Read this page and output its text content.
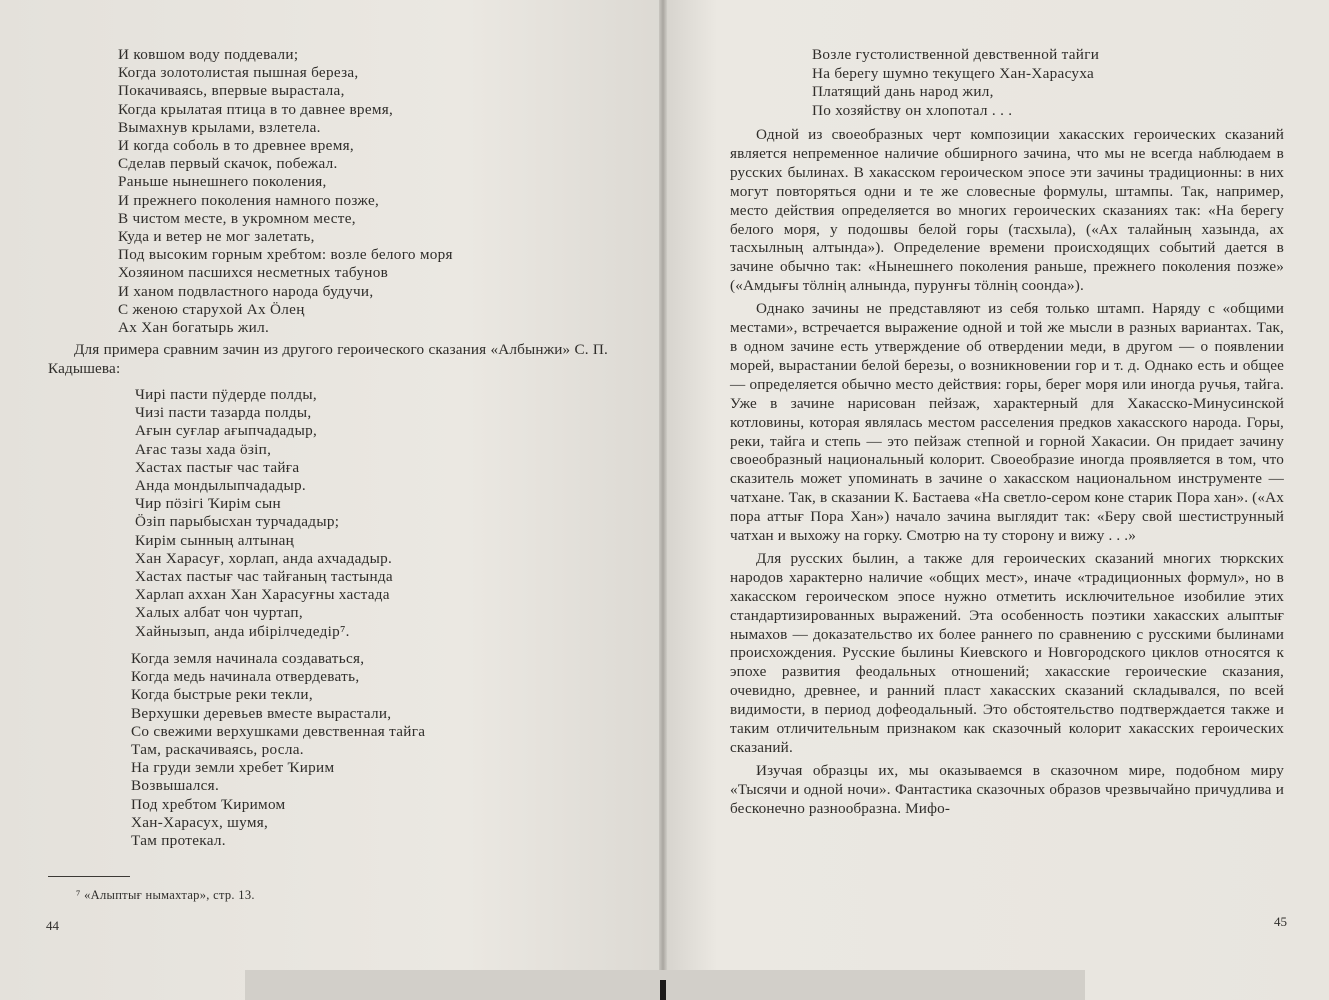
И ковшом воду поддевали;
Когда золотолистая пышная береза,
Покачиваясь, впервые вырастала,
Когда крылатая птица в то давнее время,
Вымахнув крылами, взлетела.
И когда соболь в то древнее время,
Сделав первый скачок, побежал.
Раньше нынешнего поколения,
И прежнего поколения намного позже,
В чистом месте, в укромном месте,
Куда и ветер не мог залетать,
Под высоким горным хребтом: возле белого моря
Хозяином пасшихся несметных табунов
И ханом подвластного народа будучи,
С женою старухой Ах Ӧлең
Ах Хан богатырь жил.

Для примера сравним зачин из другого героического сказания «Албынжи» С. П. Кадышева:

Чирі пасти пӱдерде полды,
Чизі пасти тазарда полды,
Ағын суғлар ағыпчададыр,
Ағас тазы хада ӧзіп,
Хастах пастығ час тайға
Анда мондылыпчададыр.
Чир пӧзігі Ҡирім сын
Ӧзіп парыбысхан турчададыр;
Кирім сынның алтынаң
Хан Харасуғ, хорлап, анда ахчададыр.
Хастах пастығ час тайғаның тастында
Харлап аххан Хан Харасуғны хастада
Халых албат чон чуртап,
Хайнызып, анда ибірілчедедір⁷.
Когда земля начинала создаваться,
Когда медь начинала отвердевать,
Когда быстрые реки текли,
Верхушки деревьев вместе вырастали,
Со свежими верхушками девственная тайга
Там, раскачиваясь, росла.
На груди земли хребет Ҡирим
Возвышался.
Под хребтом Ҡиримом
Хан-Харасух, шумя,
Там протекал.
⁷ «Алыптығ нымахтар», стр. 13.
44
Возле густолиственной девственной тайги
На берегу шумно текущего Хан-Харасуха
Платящий дань народ жил,
По хозяйству он хлопотал . . .

Одной из своеобразных черт композиции хакасских героических сказаний является непременное наличие обширного зачина, что мы не всегда наблюдаем в русских былинах. В хакасском героическом эпосе эти зачины традиционны: в них могут повторяться одни и те же словесные формулы, штампы. Так, например, место действия определяется во многих героических сказаниях так: «На берегу белого моря, у подошвы белой горы (тасхыла), («Ах талайның хазында, ах тасхылның алтында»). Определение времени происходящих событий дается в зачине обычно так: «Нынешнего поколения раньше, прежнего поколения позже» («Амдығы тӧлнің алнында, пурунғы тӧлнің соонда»).

Однако зачины не представляют из себя только штамп. Наряду с «общими местами», встречается выражение одной и той же мысли в разных вариантах. Так, в одном зачине есть утверждение об отвердении меди, в другом — о появлении морей, вырастании белой березы, о возникновении гор и т. д. Однако есть и общее — определяется обычно место действия: горы, берег моря или иногда ручья, тайга. Уже в зачине нарисован пейзаж, характерный для Хакасско-Минусинской котловины, которая являлась местом расселения предков хакасского народа. Горы, реки, тайга и степь — это пейзаж степной и горной Хакасии. Он придает зачину своеобразный национальный колорит. Своеобразие иногда проявляется в том, что сказитель может упоминать в зачине о хакасском национальном инструменте — чатхане. Так, в сказании К. Бастаева «На светло-сером коне старик Пора хан». («Ах пора аттығ Пора Хан») начало зачина выглядит так: «Беру свой шестиструнный чатхан и выхожу на горку. Смотрю на ту сторону и вижу . . .»

Для русских былин, а также для героических сказаний многих тюркских народов характерно наличие «общих мест», иначе «традиционных формул», но в хакасском героическом эпосе нужно отметить исключительное изобилие этих стандартизированных выражений. Эта особенность поэтики хакасских алыптығ нымахов — доказательство их более раннего по сравнению с русскими былинами происхождения. Русские былины Киевского и Новгородского циклов относятся к эпохе развития феодальных отношений; хакасские героические сказания, очевидно, древнее, и ранний пласт хакасских сказаний складывался, по всей видимости, в период дофеодальный. Это обстоятельство подтверждается также и таким отличительным признаком как сказочный колорит хакасских героических сказаний.

Изучая образцы их, мы оказываемся в сказочном мире, подобном миру «Тысячи и одной ночи». Фантастика сказочных образов чрезвычайно причудлива и бесконечно разнообразна. Мифо-

45
